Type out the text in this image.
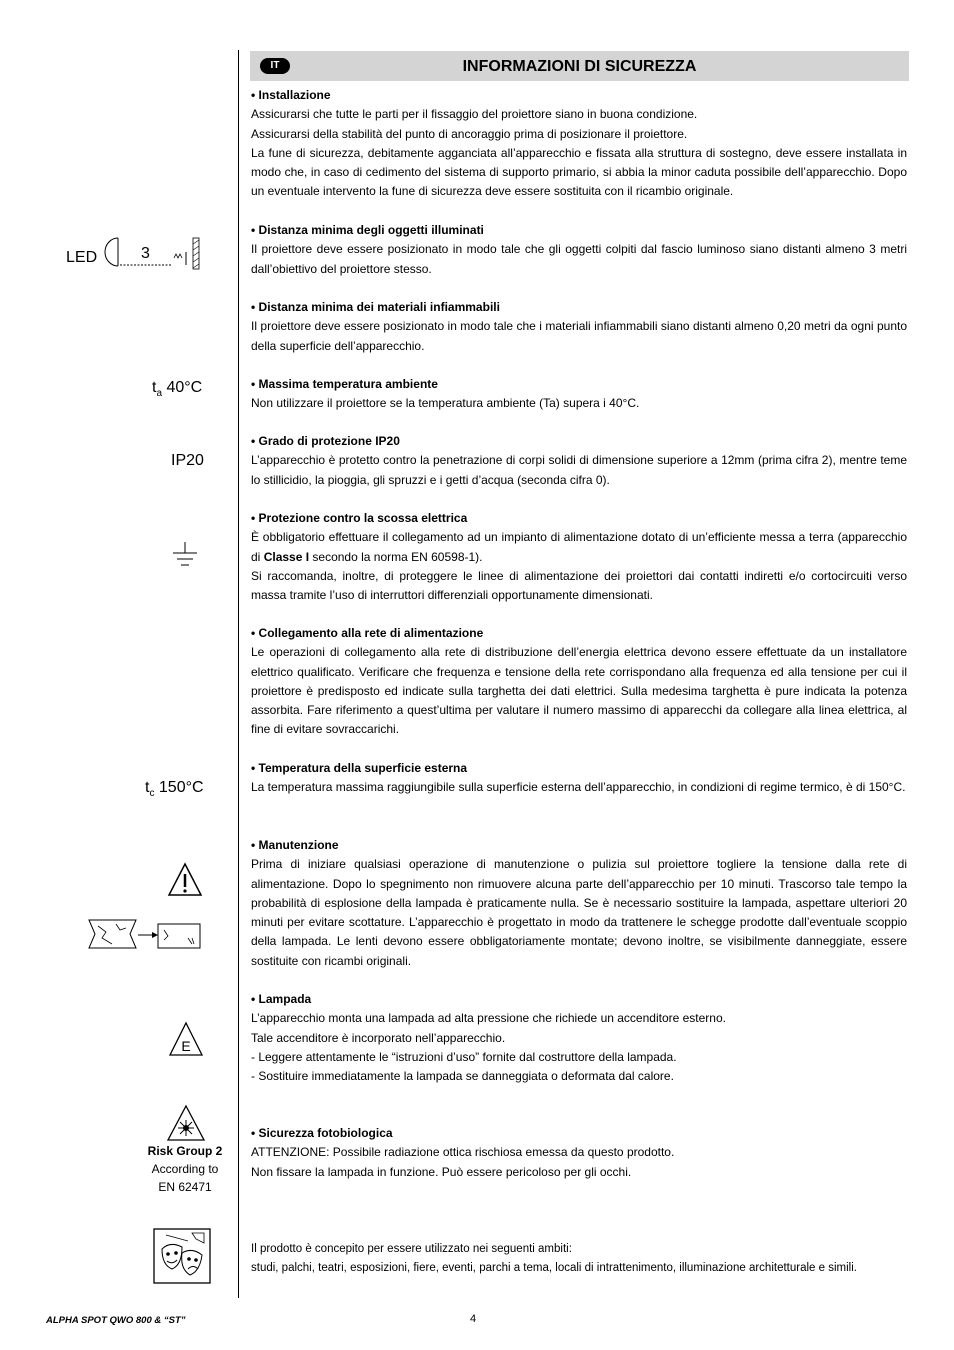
INFORMAZIONI DI SICUREZZA
IT
LED	3
$t_a$ 40°C
IP20
$t_c$ 150°C
E
Risk Group 2
According to
EN 62471
• Installazione

Assicurarsi che tutte le parti per il fissaggio del proiettore siano in buona condizione.

Assicurarsi della stabilità del punto di ancoraggio prima di posizionare il proiettore.

La fune di sicurezza, debitamente agganciata all’apparecchio e fissata alla struttura di sostegno, deve essere installata in modo che, in caso di cedimento del sistema di supporto primario, si abbia la minor caduta possibile dell’apparecchio. Dopo un eventuale intervento la fune di sicurezza deve essere sostituita con il ricambio originale.

• Distanza minima degli oggetti illuminati

Il proiettore deve essere posizionato in modo tale che gli oggetti colpiti dal fascio luminoso siano distanti almeno 3 metri dall’obiettivo del proiettore stesso.

• Distanza minima dei materiali infiammabili

Il proiettore deve essere posizionato in modo tale che i materiali infiammabili siano distanti almeno 0,20 metri da ogni punto della superficie dell’apparecchio.

• Massima temperatura ambiente

Non utilizzare il proiettore se la temperatura ambiente (Ta) supera i 40°C.

• Grado di protezione IP20

L’apparecchio è protetto contro la penetrazione di corpi solidi di dimensione superiore a 12mm (prima cifra 2), mentre teme lo stillicidio, la pioggia, gli spruzzi e i getti d’acqua (seconda cifra 0).

• Protezione contro la scossa elettrica

È obbligatorio effettuare il collegamento ad un impianto di alimentazione dotato di un’efficiente messa a terra (apparecchio di Classe I secondo la norma EN 60598-1).

Si raccomanda, inoltre, di proteggere le linee di alimentazione dei proiettori dai contatti indiretti e/o cortocircuiti verso massa tramite l’uso di interruttori differenziali opportunamente dimensionati.

• Collegamento alla rete di alimentazione

Le operazioni di collegamento alla rete di distribuzione dell’energia elettrica devono essere effettuate da un installatore elettrico qualificato. Verificare che frequenza e tensione della rete corrispondano alla frequenza ed alla tensione per cui il proiettore è predisposto ed indicate sulla targhetta dei dati elettrici. Sulla medesima targhetta è pure indicata la potenza assorbita. Fare riferimento a quest’ultima per valutare il numero massimo di apparecchi da collegare alla linea elettrica, al fine di evitare sovraccarichi.

• Temperatura della superficie esterna

La temperatura massima raggiungibile sulla superficie esterna dell’apparecchio, in condizioni di regime termico, è di 150°C.

• Manutenzione

Prima di iniziare qualsiasi operazione di manutenzione o pulizia sul proiettore togliere la tensione dalla rete di alimentazione. Dopo lo spegnimento non rimuovere alcuna parte dell’apparecchio per 10 minuti. Trascorso tale tempo la probabilità di esplosione della lampada è praticamente nulla. Se è necessario sostituire la lampada, aspettare ulteriori 20 minuti per evitare scottature. L’apparecchio è progettato in modo da trattenere le schegge prodotte dall’eventuale scoppio della lampada. Le lenti devono essere obbligatoriamente montate; devono inoltre, se visibilmente danneggiate, essere sostituite con ricambi originali.

• Lampada

L’apparecchio monta una lampada ad alta pressione che richiede un accenditore esterno.

Tale accenditore è incorporato nell’apparecchio.

- Leggere attentamente le “istruzioni d’uso” fornite dal costruttore della lampada.

- Sostituire immediatamente la lampada se danneggiata o deformata dal calore.

• Sicurezza fotobiologica

ATTENZIONE: Possibile radiazione ottica rischiosa emessa da questo prodotto.

Non fissare la lampada in funzione. Può essere pericoloso per gli occhi.

Il prodotto è concepito per essere utilizzato nei seguenti ambiti:

studi, palchi, teatri, esposizioni, fiere, eventi, parchi a tema, locali di intrattenimento, illuminazione architetturale e simili.

ALPHA SPOT QWO 800 & “ST”	4
